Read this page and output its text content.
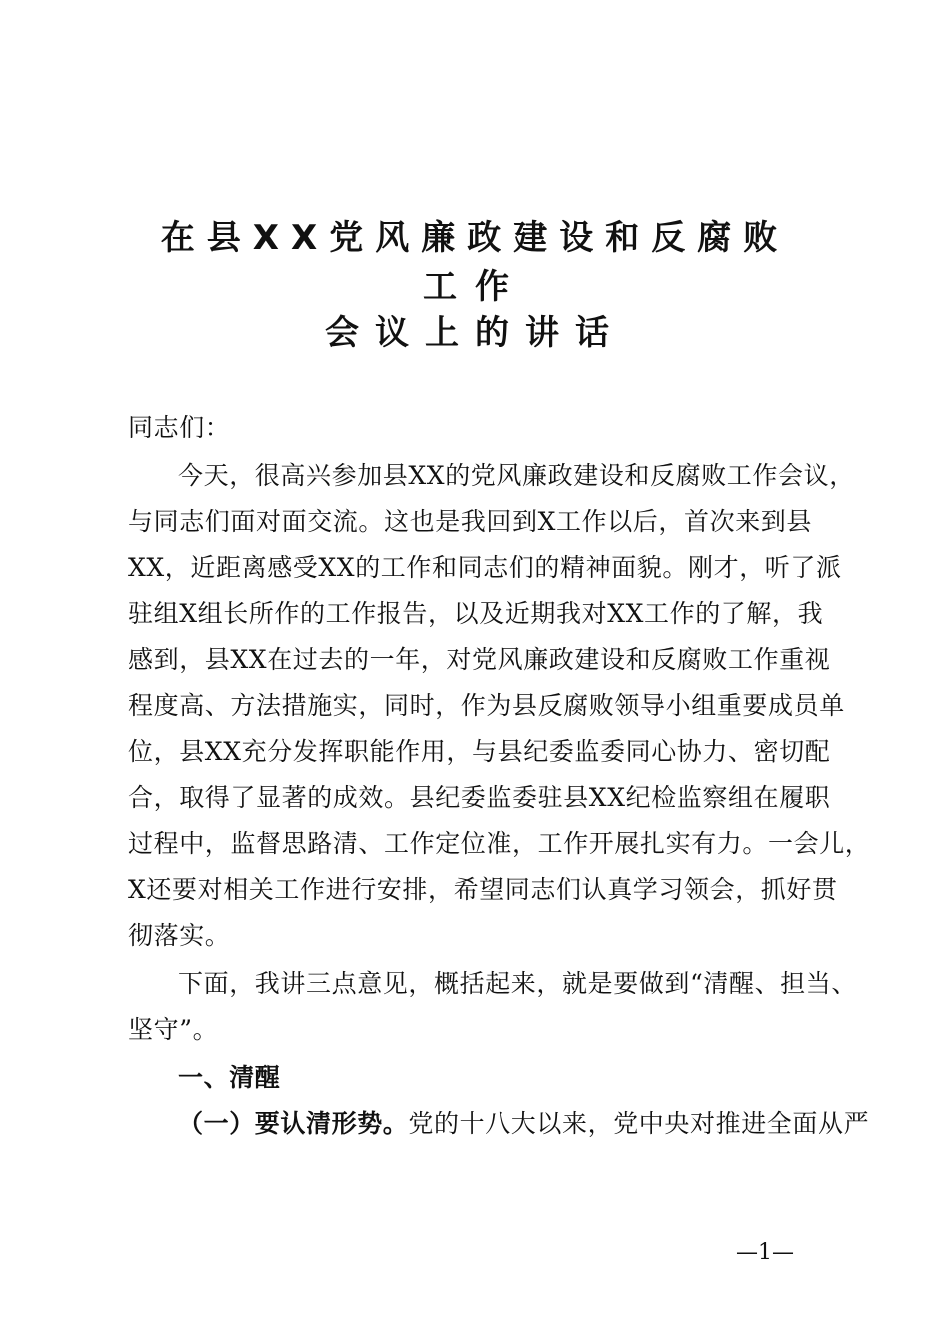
在县XX党风廉政建设和反腐败
工作
会议上的讲话
同志们：
今天，很高兴参加县XX的党风廉政建设和反腐败工作会议，
与同志们面对面交流。这也是我回到X工作以后，首次来到县
XX，近距离感受XX的工作和同志们的精神面貌。刚才，听了派
驻组X组长所作的工作报告，以及近期我对XX工作的了解，我
感到，县XX在过去的一年，对党风廉政建设和反腐败工作重视
程度高、方法措施实，同时，作为县反腐败领导小组重要成员单
位，县XX充分发挥职能作用，与县纪委监委同心协力、密切配
合，取得了显著的成效。县纪委监委驻县XX纪检监察组在履职
过程中，监督思路清、工作定位准，工作开展扎实有力。一会儿，
X还要对相关工作进行安排，希望同志们认真学习领会，抓好贯
彻落实。
下面，我讲三点意见，概括起来，就是要做到“清醒、担当、
坚守”。
一、清醒
（一）要认清形势。党的十八大以来，党中央对推进全面从严
—1—
